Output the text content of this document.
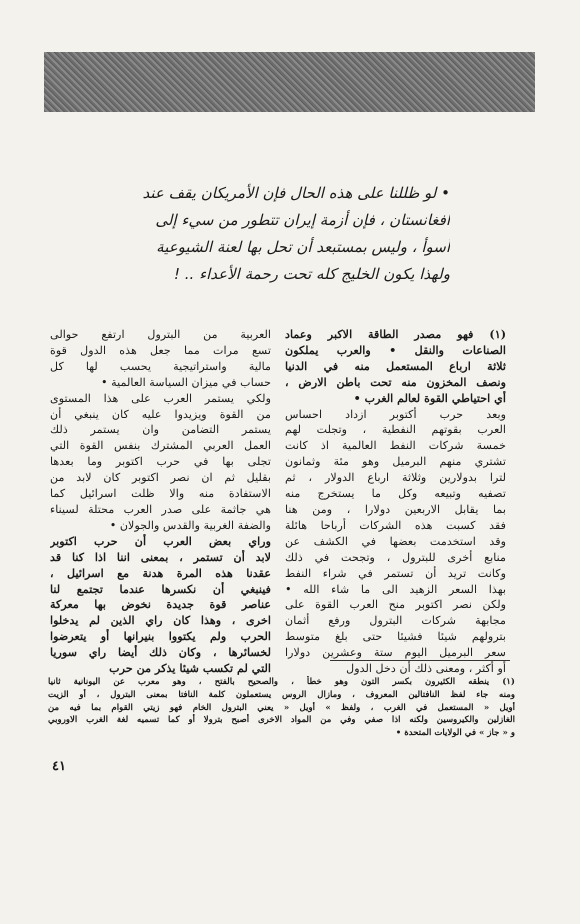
• لو ظللنا على هذه الحال فإن الأمريكان يقف عند
افغانستان ، فإن أزمة إيران تتطور من سيء إلى
أسوأ ، وليس بمستبعد أن تحل بها لعنة الشيوعية
ولهذا يكون الخليج كله تحت رحمة الأعداء .. !
(١) فهو مصدر الطاقة الاكبر وعماد
الصناعات والنقل • والعرب يملكون
ثلاثة ارباع المستعمل منه في الدنيا
ونصف المخزون منه تحت باطن الارض ،
أي احتياطي القوة لعالم الغرب •
وبعد حرب أكتوبر ازداد احساس
العرب بقوتهم النفطية ، وتجلت لهم
خمسة شركات النفط العالمية اذ كانت
تشتري منهم البرميل وهو مئة وثمانون
لترا بدولارين وثلاثة ارباع الدولار ، ثم
تصفيه وتبيعه وكل ما يستخرج منه
بما يقابل الاربعين دولارا ، ومن هنا
فقد كسبت هذه الشركات أرباحا هائلة
وقد استخدمت بعضها في الكشف عن
منابع أخرى للبترول ، وتجحت في ذلك
وكانت تريد أن تستمر في شراء النفط
بهذا السعر الزهيد الى ما شاء الله •
ولكن نصر اكتوبر منح العرب القوة على
مجابهة شركات البترول ورفع أثمان
بترولهم شيئا فشيئا حتى بلغ متوسط
سعر البرميل اليوم ستة وعشرين دولارا
أو أكثر ، ومعنى ذلك أن دخل الدول
العربية من البترول ارتفع حوالى
تسع مرات مما جعل هذه الدول قوة
مالية واستراتيجية يحسب لها كل
حساب في ميزان السياسة العالمية •
ولكي يستمر العرب على هذا المستوى
من القوة ويزيدوا عليه كان ينبغي أن
يستمر التضامن وان يستمر ذلك
العمل العربي المشترك بنفس القوة التي
تجلى بها في حرب اكتوبر وما بعدها
بقليل ثم ان نصر اكتوبر كان لابد من
الاستفادة منه والا ظلت اسرائيل كما
هي جاثمة على صدر العرب محتلة لسيناء
والضفة الغربية والقدس والجولان •
وراي بعض العرب أن حرب اكتوبر
لابد أن تستمر ، بمعنى اننا اذا كنا قد
عقدنا هذه المرة هدنة مع اسرائيل ،
فينبغي أن نكسرها عندما تجتمع لنا
عناصر قوة جديدة نخوض بها معركة
اخرى ، وهذا كان راي الذين لم يدخلوا
الحرب ولم يكتووا بنيرانها أو يتعرضوا
لخسائرها ، وكان ذلك أيضا راي سوريا
التي لم تكسب شيئا يذكر من حرب
(١) ينطقه الكثيرون بكسر التون وهو خطأ ، والصحيح بالفتح ، وهو معرب عن اليونانية ثانيا
ومنه جاء لفظ النافتالين المعروف ، ومازال الروس يستعملون كلمة النافتا بمعنى البترول ، أو الزيت
أويل « المستعمل في الغرب ، ولفظ » أويل « يعني البترول الخام فهو زيتي القوام بما فيه من
الغازلين والكيروسين ولكنه اذا صفي وفي من المواد الاخرى أصبح بترولا أو كما تسميه لغة الغرب الاوروبي
و « جاز » في الولايات المتحدة •
٤١
